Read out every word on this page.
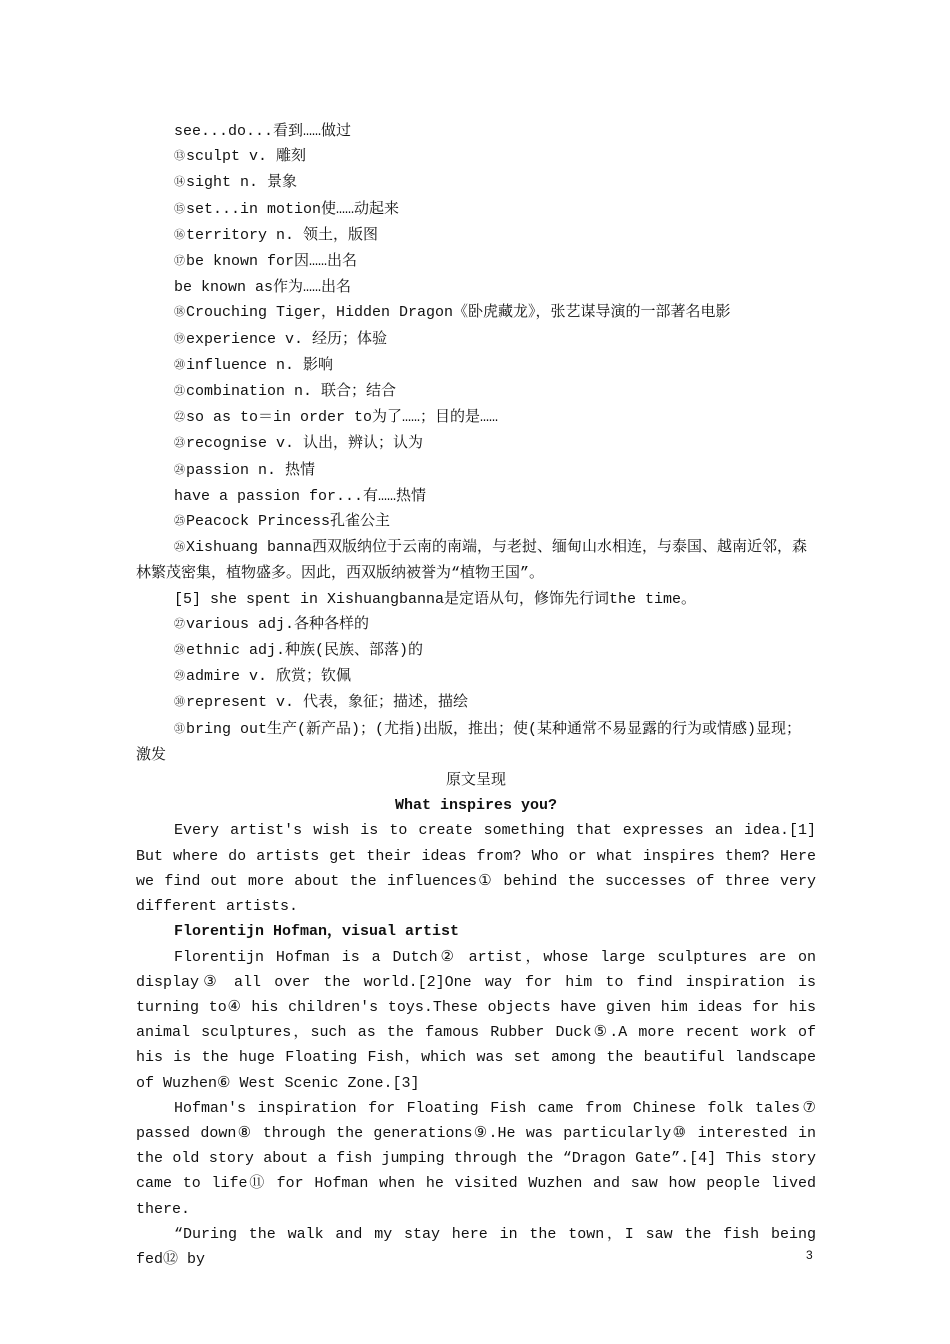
see...do...看到……做过
⑬sculpt v. 雕刻
⑭sight n. 景象
⑮set...in motion使……动起来
⑯territory n. 领土，版图
⑰be known for因……出名
be known as作为……出名
⑱Crouching Tiger，Hidden Dragon《卧虎藏龙》，张艺谋导演的一部著名电影
⑲experience v. 经历；体验
⑳influence n. 影响
㉑combination n. 联合；结合
㉒so as to＝in order to为了……；目的是……
㉓recognise v. 认出，辨认；认为
㉔passion n. 热情
have a passion for...有……热情
㉕Peacock Princess孔雀公主
㉖Xishuang banna西双版纳位于云南的南端，与老挝、缅甸山水相连，与泰国、越南近邻，森林繁茂密集，植物盛多。因此，西双版纳被誉为“植物王国”。
[5] she spent in Xishuangbanna是定语从句，修饰先行词the time。
㉗various adj.各种各样的
㉘ethnic adj.种族(民族、部落)的
㉙admire v. 欣赏；钦佩
㉚represent v. 代表，象征；描述，描绘
㉛bring out生产(新产品)；(尤指)出版，推出；使(某种通常不易显露的行为或情感)显现；激发
原文呈现
What inspires you?
Every artist's wish is to create something that expresses an idea.[1] But where do artists get their ideas from? Who or what inspires them? Here we find out more about the influences① behind the successes of three very different artists.
Florentijn Hofman，visual artist
Florentijn Hofman is a Dutch② artist，whose large sculptures are on display③ all over the world.[2]One way for him to find inspiration is turning to④ his children's toys.These objects have given him ideas for his animal sculptures，such as the famous Rubber Duck⑤.A more recent work of his is the huge Floating Fish，which was set among the beautiful landscape of Wuzhen⑥ West Scenic Zone.[3]
Hofman's inspiration for Floating Fish came from Chinese folk tales⑦ passed down⑧ through the generations⑨.He was particularly⑩ interested in the old story about a fish jumping through the “Dragon Gate”.[4] This story came to life⑪ for Hofman when he visited Wuzhen and saw how people lived there.
“During the walk and my stay here in the town，I saw the fish being fed⑫ by	3
